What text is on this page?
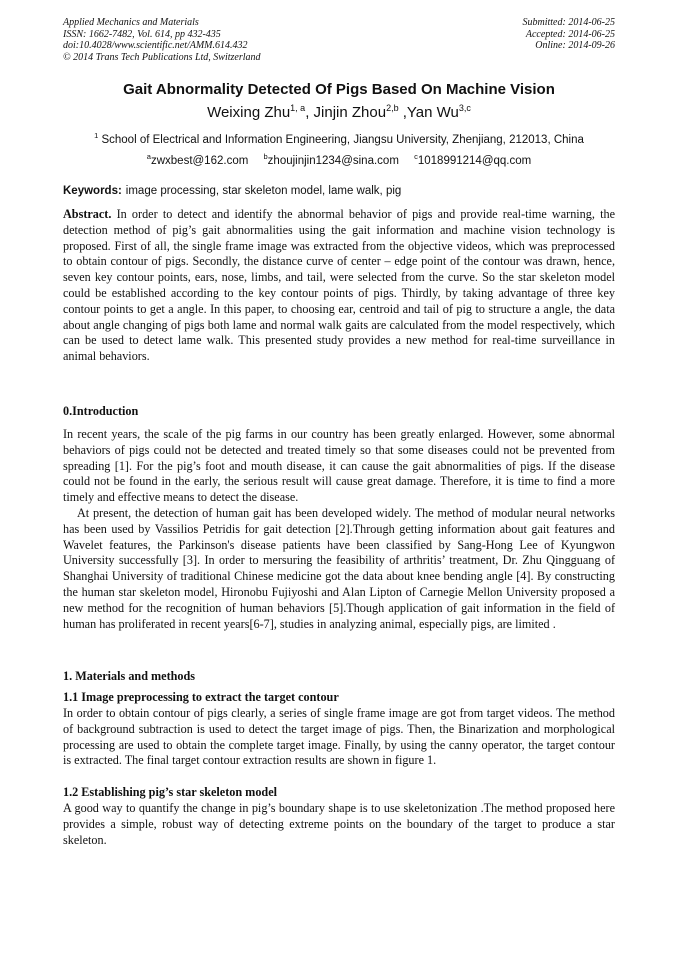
Applied Mechanics and Materials
ISSN: 1662-7482, Vol. 614, pp 432-435
doi:10.4028/www.scientific.net/AMM.614.432
© 2014 Trans Tech Publications Ltd, Switzerland
Submitted: 2014-06-25
Accepted: 2014-06-25
Online: 2014-09-26
Gait Abnormality Detected Of Pigs Based On Machine Vision
Weixing Zhu$^{1, a}$, Jinjin Zhou$^{2,b}$ ,Yan Wu$^{3,c}$
$^1$ School of Electrical and Information Engineering, Jiangsu University, Zhenjiang, 212013, China
$^a$zwxbest@162.com $^b$zhoujinjin1234@sina.com $^c$1018991214@qq.com
Keywords: image processing, star skeleton model, lame walk, pig

Abstract. In order to detect and identify the abnormal behavior of pigs and provide real-time warning, the detection method of pig’s gait abnormalities using the gait information and machine vision technology is proposed. First of all, the single frame image was extracted from the objective videos, which was preprocessed to obtain contour of pigs. Secondly, the distance curve of center – edge point of the contour was drawn, hence, seven key contour points, ears, nose, limbs, and tail, were selected from the curve. So the star skeleton model could be established according to the key contour points of pigs. Thirdly, by taking advantage of three key contour points to get a angle. In this paper, to choosing ear, centroid and tail of pig to structure a angle, the data about angle changing of pigs both lame and normal walk gaits are calculated from the model respectively, which can be used to detect lame walk. This presented study provides a new method for real-time surveillance in animal behaviors.

0.Introduction

In recent years, the scale of the pig farms in our country has been greatly enlarged. However, some abnormal behaviors of pigs could not be detected and treated timely so that some diseases could not be prevented from spreading [1]. For the pig’s foot and mouth disease, it can cause the gait abnormalities of pigs. If the disease could not be found in the early, the serious result will cause great damage. Therefore, it is time to find a more timely and effective means to detect the disease.

At present, the detection of human gait has been developed widely. The method of modular neural networks has been used by Vassilios Petridis for gait detection [2].Through getting information about gait features and Wavelet features, the Parkinson's disease patients have been classified by Sang-Hong Lee of Kyungwon University successfully [3]. In order to mersuring the feasibility of arthritis’ treatment, Dr. Zhu Qingguang of Shanghai University of traditional Chinese medicine got the data about knee bending angle [4]. By constructing the human star skeleton model, Hironobu Fujiyoshi and Alan Lipton of Carnegie Mellon University proposed a new method for the recognition of human behaviors [5].Though application of gait information in the field of human has proliferated in recent years[6-7], studies in analyzing animal, especially pigs, are limited .

1. Materials and methods
1.1 Image preprocessing to extract the target contour

In order to obtain contour of pigs clearly, a series of single frame image are got from target videos. The method of background subtraction is used to detect the target image of pigs. Then, the Binarization and morphological processing are used to obtain the complete target image. Finally, by using the canny operator, the target contour is extracted. The final target contour extraction results are shown in figure 1.

1.2 Establishing pig’s star skeleton model

A good way to quantify the change in pig’s boundary shape is to use skeletonization .The method proposed here provides a simple, robust way of detecting extreme points on the boundary of the target to produce a star skeleton.
